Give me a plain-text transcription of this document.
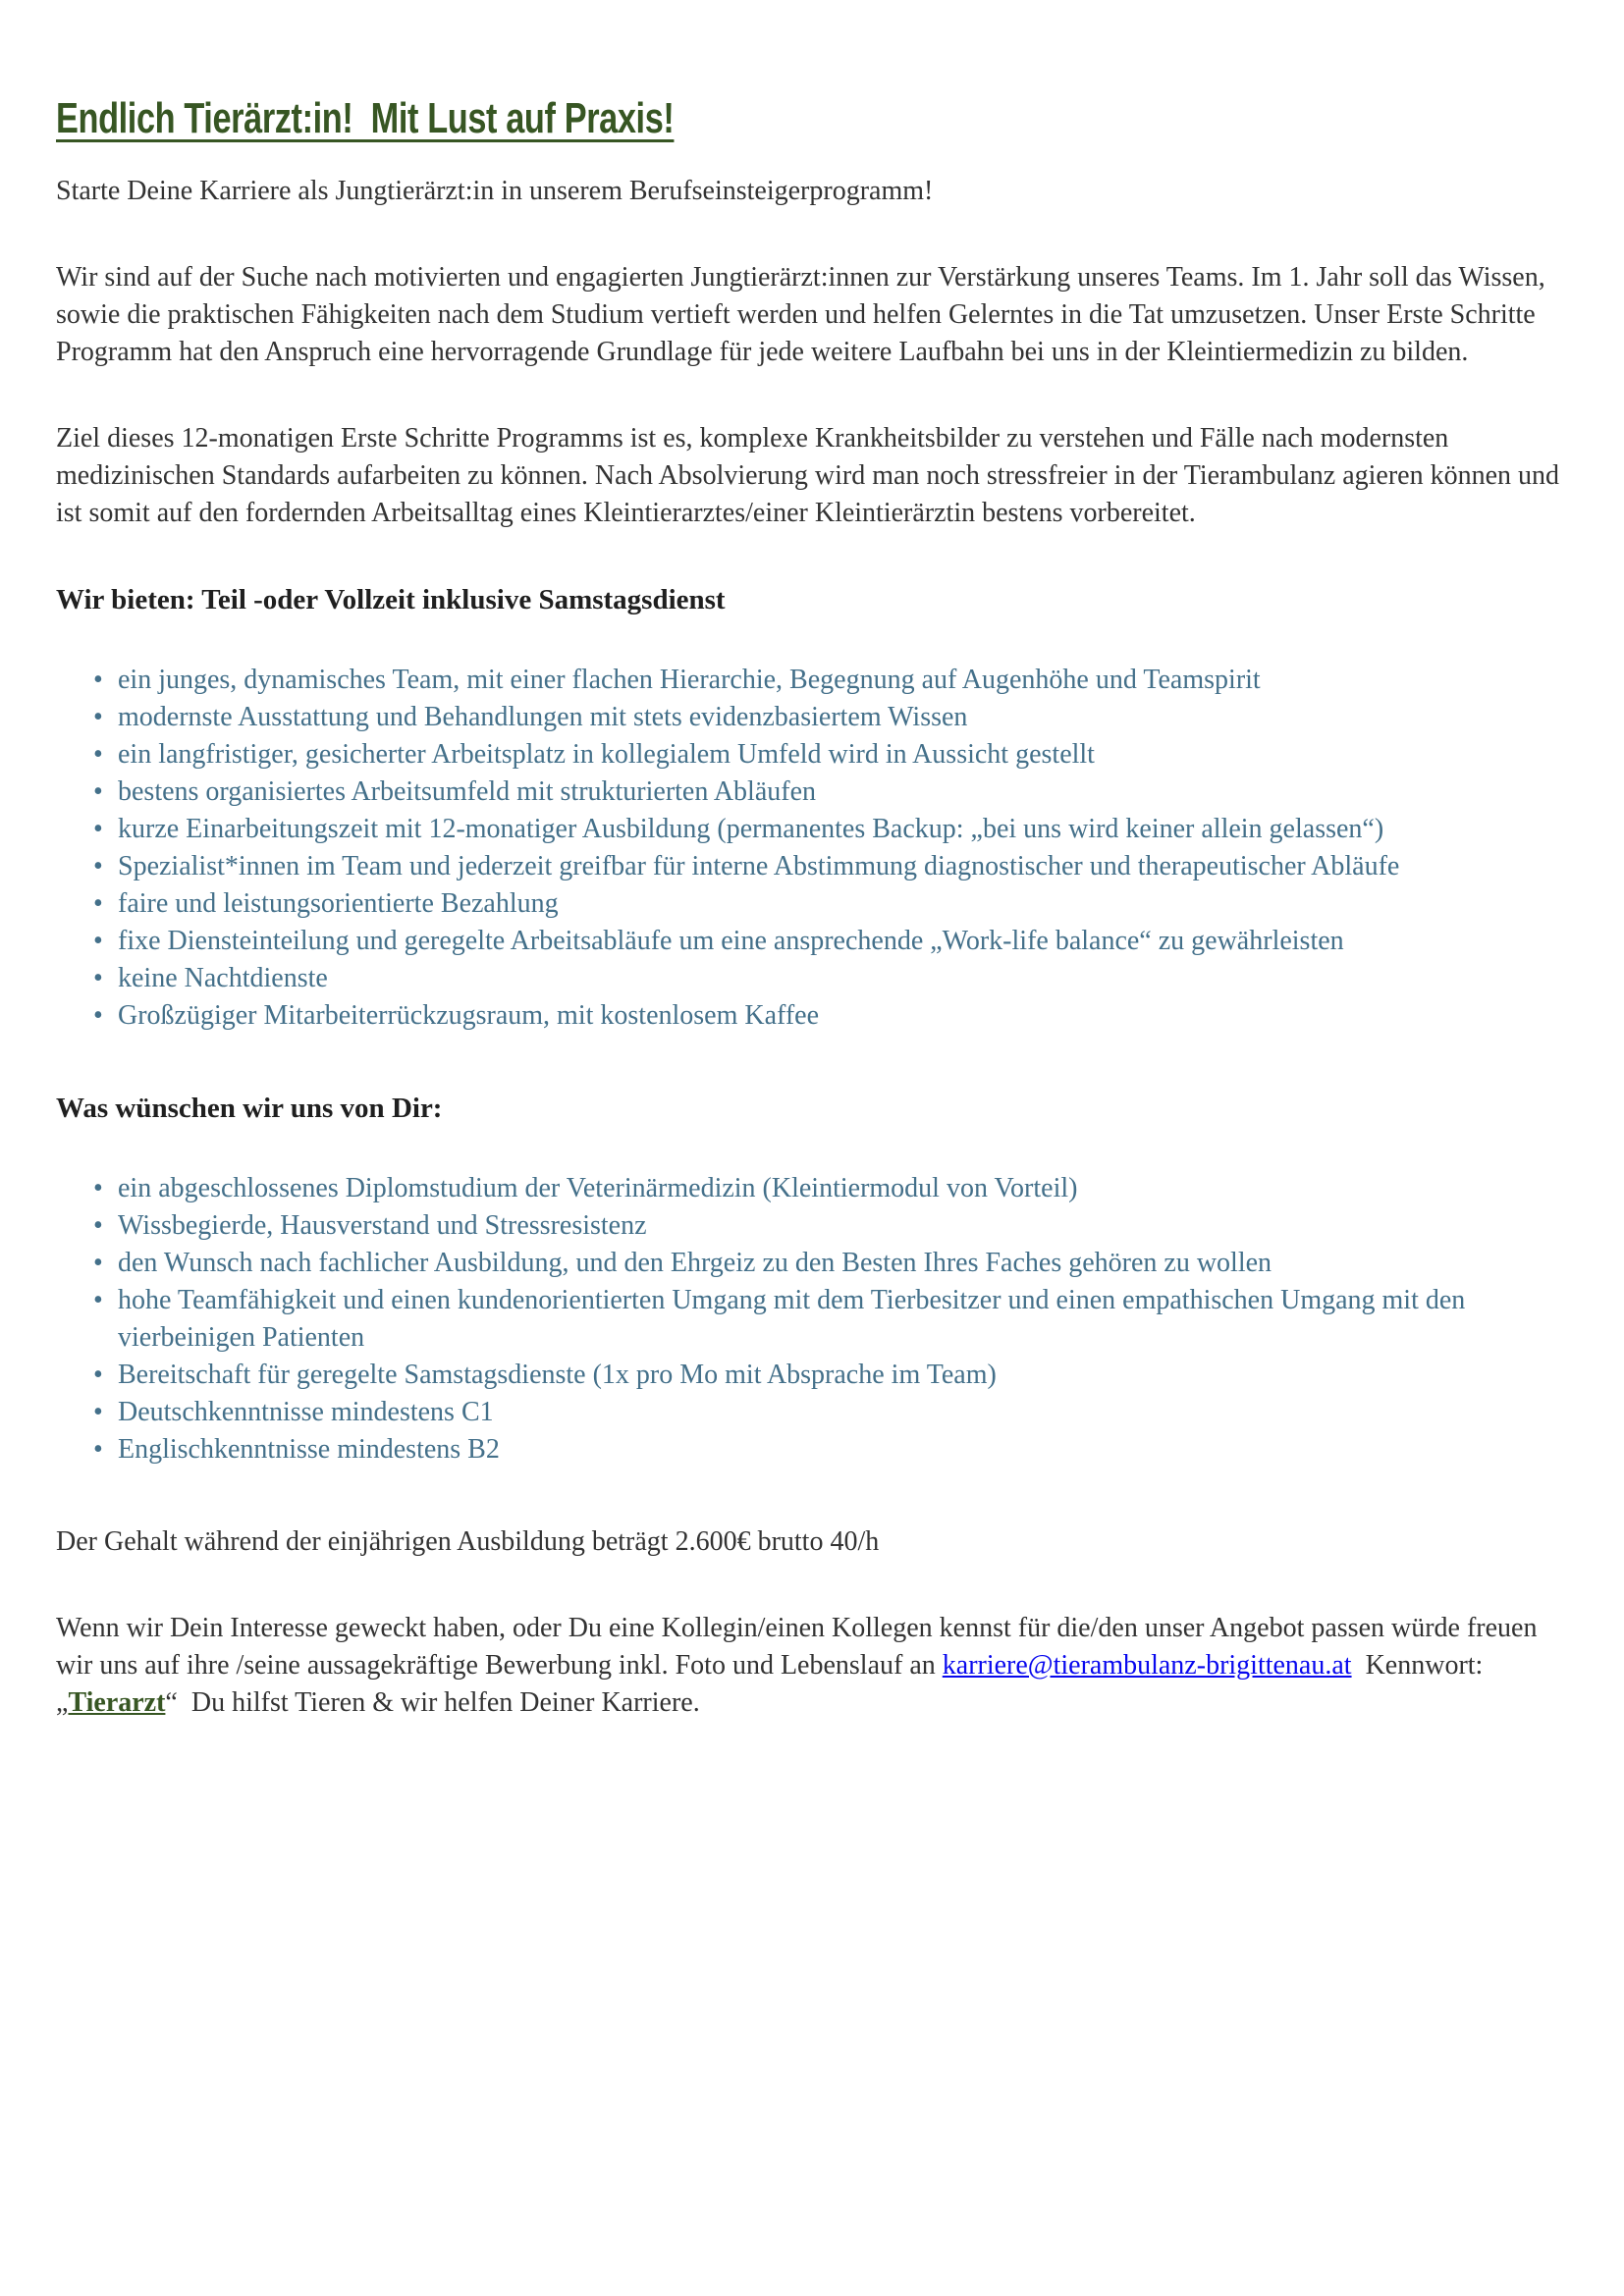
Endlich Tierärzt:in!  Mit Lust auf Praxis!

Starte Deine Karriere als Jungtierärzt:in in unserem Berufseinsteigerprogramm!

Wir sind auf der Suche nach motivierten und engagierten Jungtierärzt:innen zur Verstärkung unseres Teams. Im 1. Jahr soll das Wissen, sowie die praktischen Fähigkeiten nach dem Studium vertieft werden und helfen Gelerntes in die Tat umzusetzen. Unser Erste Schritte Programm hat den Anspruch eine hervorragende Grundlage für jede weitere Laufbahn bei uns in der Kleintiermedizin zu bilden.

Ziel dieses 12-monatigen Erste Schritte Programms ist es, komplexe Krankheitsbilder zu verstehen und Fälle nach modernsten medizinischen Standards aufarbeiten zu können. Nach Absolvierung wird man noch stressfreier in der Tierambulanz agieren können und ist somit auf den fordernden Arbeitsalltag eines Kleintierarztes/einer Kleintierärztin bestens vorbereitet.

Wir bieten: Teil -oder Vollzeit inklusive Samstagsdienst
• ein junges, dynamisches Team, mit einer flachen Hierarchie, Begegnung auf Augenhöhe und Teamspirit
• modernste Ausstattung und Behandlungen mit stets evidenzbasiertem Wissen
• ein langfristiger, gesicherter Arbeitsplatz in kollegialem Umfeld wird in Aussicht gestellt
• bestens organisiertes Arbeitsumfeld mit strukturierten Abläufen
• kurze Einarbeitungszeit mit 12-monatiger Ausbildung (permanentes Backup: „bei uns wird keiner allein gelassen“)
• Spezialist*innen im Team und jederzeit greifbar für interne Abstimmung diagnostischer und therapeutischer Abläufe
• faire und leistungsorientierte Bezahlung
• fixe Diensteinteilung und geregelte Arbeitsabläufe um eine ansprechende „Work-life balance“ zu gewährleisten
• keine Nachtdienste
• Großzügiger Mitarbeiterrückzugsraum, mit kostenlosem Kaffee
Was wünschen wir uns von Dir:
• ein abgeschlossenes Diplomstudium der Veterinärmedizin (Kleintiermodul von Vorteil)
• Wissbegierde, Hausverstand und Stressresistenz
• den Wunsch nach fachlicher Ausbildung, und den Ehrgeiz zu den Besten Ihres Faches gehören zu wollen
• hohe Teamfähigkeit und einen kundenorientierten Umgang mit dem Tierbesitzer und einen empathischen Umgang mit den vierbeinigen Patienten
• Bereitschaft für geregelte Samstagsdienste (1x pro Mo mit Absprache im Team)
• Deutschkenntnisse mindestens C1
• Englischkenntnisse mindestens B2

Der Gehalt während der einjährigen Ausbildung beträgt 2.600€ brutto 40/h

Wenn wir Dein Interesse geweckt haben, oder Du eine Kollegin/einen Kollegen kennst für die/den unser Angebot passen würde freuen wir uns auf ihre /seine aussagekräftige Bewerbung inkl. Foto und Lebenslauf an karriere@tierambulanz-brigittenau.at  Kennwort:  „Tierarzt“  Du hilfst Tieren & wir helfen Deiner Karriere.
